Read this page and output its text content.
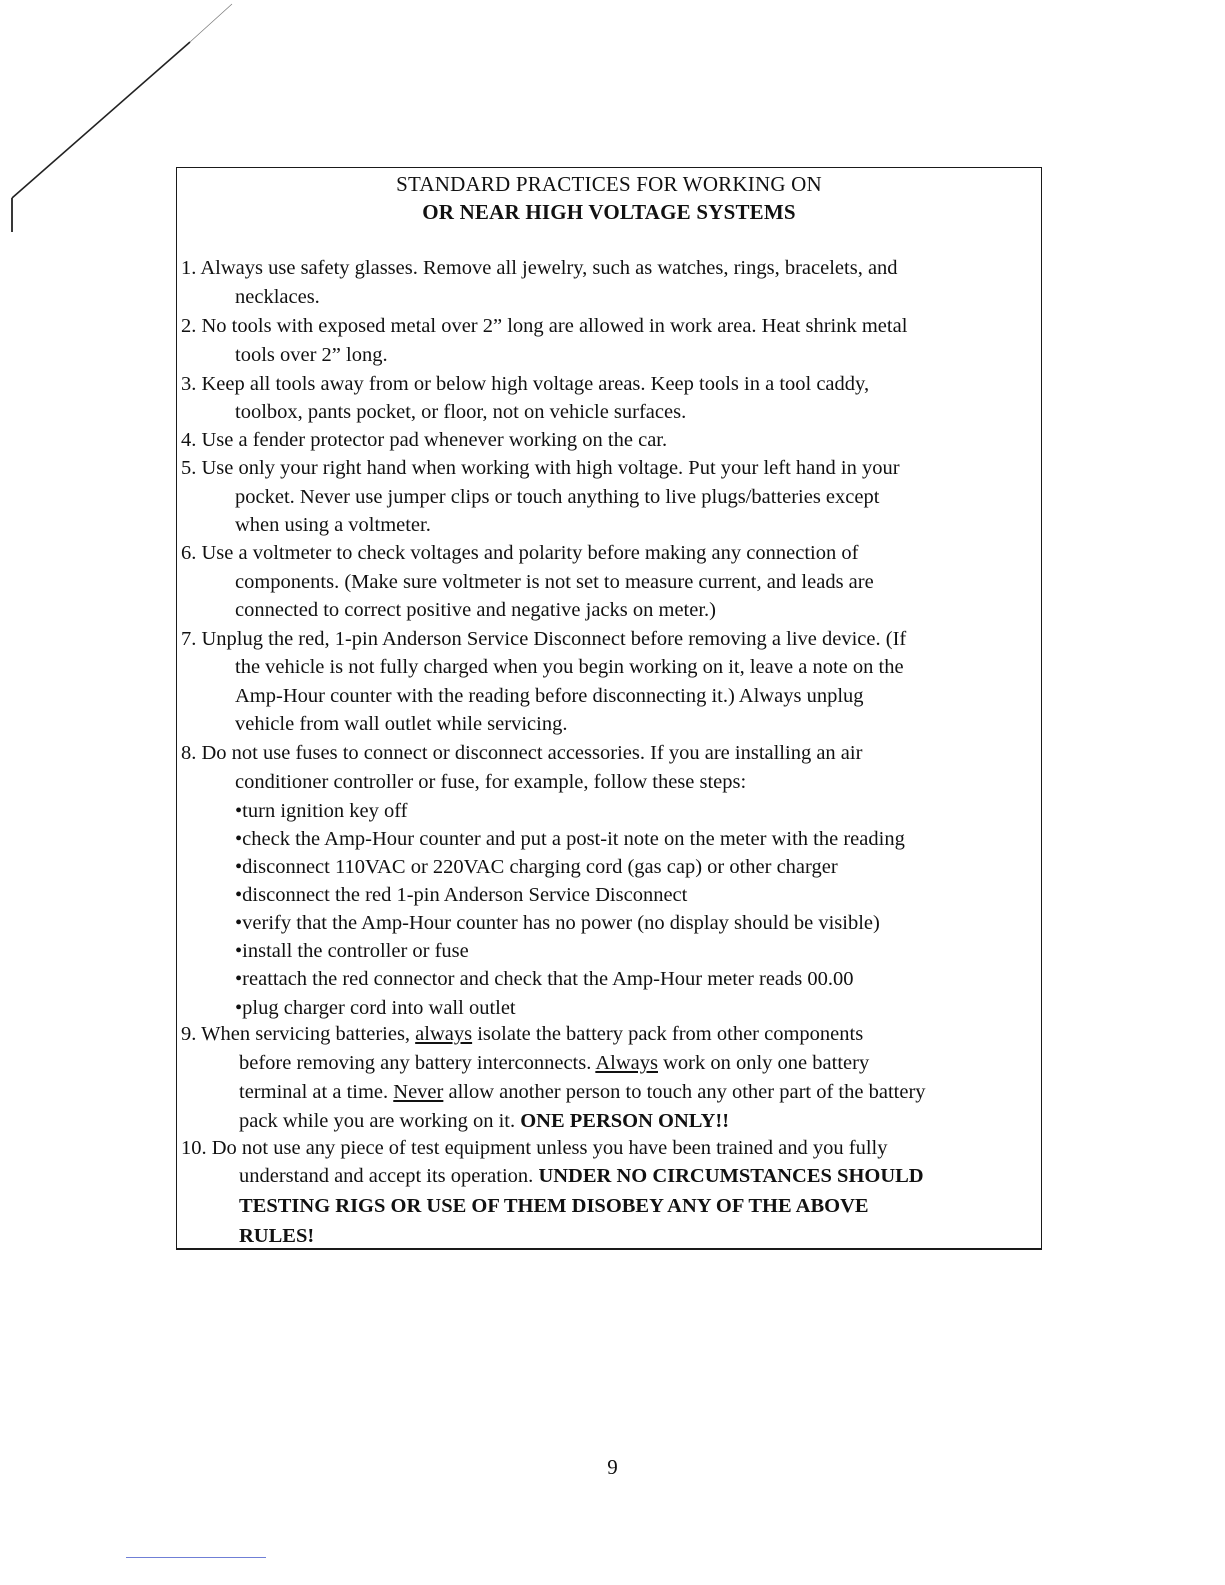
STANDARD PRACTICES FOR WORKING ON
OR NEAR HIGH VOLTAGE SYSTEMS
1. Always use safety glasses. Remove all jewelry, such as watches, rings, bracelets, and
necklaces.
2. No tools with exposed metal over 2” long are allowed in work area. Heat shrink metal
tools over 2” long.
3. Keep all tools away from or below high voltage areas. Keep tools in a tool caddy,
toolbox, pants pocket, or floor, not on vehicle surfaces.
4. Use a fender protector pad whenever working on the car.
5. Use only your right hand when working with high voltage. Put your left hand in your
pocket. Never use jumper clips or touch anything to live plugs/batteries except
when using a voltmeter.
6. Use a voltmeter to check voltages and polarity before making any connection of
components. (Make sure voltmeter is not set to measure current, and leads are
connected to correct positive and negative jacks on meter.)
7. Unplug the red, 1-pin Anderson Service Disconnect before removing a live device. (If
the vehicle is not fully charged when you begin working on it, leave a note on the
Amp-Hour counter with the reading before disconnecting it.) Always unplug
vehicle from wall outlet while servicing.
8. Do not use fuses to connect or disconnect accessories. If you are installing an air
conditioner controller or fuse, for example, follow these steps:
•turn ignition key off
•check the Amp-Hour counter and put a post-it note on the meter with the reading
•disconnect 110VAC or 220VAC charging cord (gas cap) or other charger
•disconnect the red 1-pin Anderson Service Disconnect
•verify that the Amp-Hour counter has no power (no display should be visible)
•install the controller or fuse
•reattach the red connector and check that the Amp-Hour meter reads 00.00
•plug charger cord into wall outlet
9. When servicing batteries, always isolate the battery pack from other components
before removing any battery interconnects. Always work on only one battery
terminal at a time. Never allow another person to touch any other part of the battery
pack while you are working on it. ONE PERSON ONLY!!
10. Do not use any piece of test equipment unless you have been trained and you fully
understand and accept its operation. UNDER NO CIRCUMSTANCES SHOULD
TESTING RIGS OR USE OF THEM DISOBEY ANY OF THE ABOVE
RULES!
9
